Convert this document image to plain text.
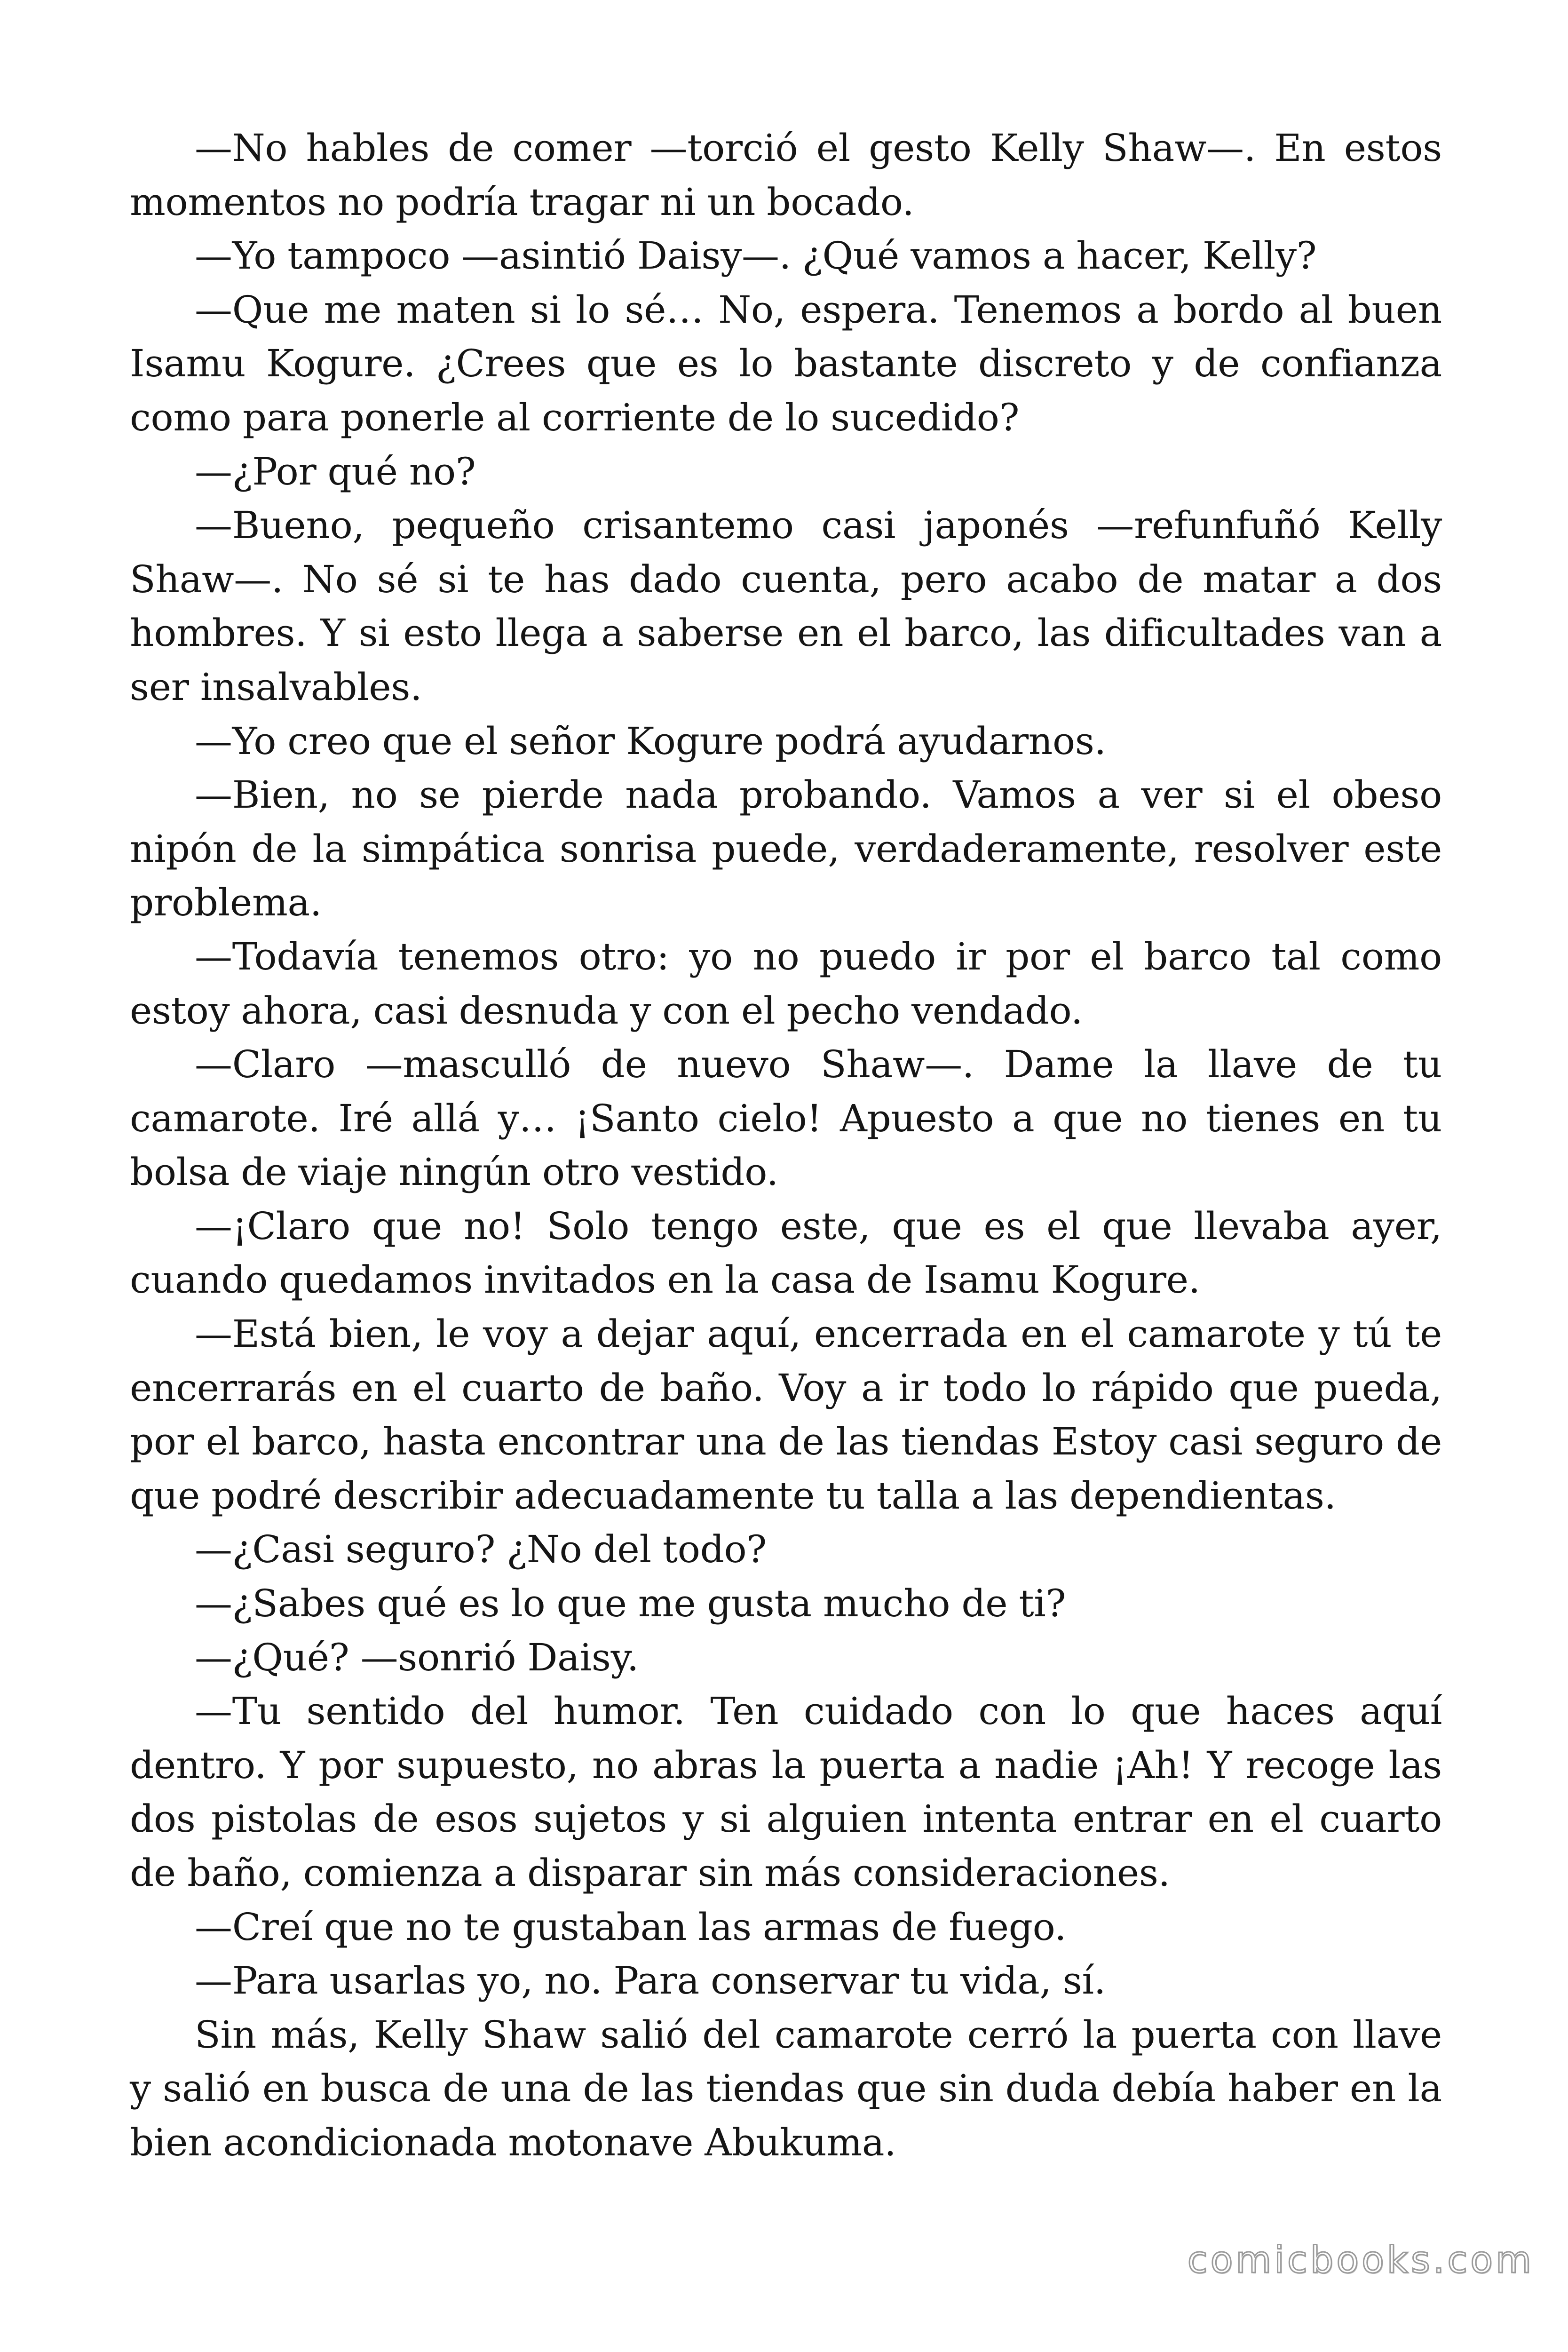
—No hables de comer —torció el gesto Kelly Shaw—. En estos momentos no podría tragar ni un bocado.

—Yo tampoco —asintió Daisy—. ¿Qué vamos a hacer, Kelly?

—Que me maten si lo sé… No, espera. Tenemos a bordo al buen Isamu Kogure. ¿Crees que es lo bastante discreto y de confianza como para ponerle al corriente de lo sucedido?

—¿Por qué no?

—Bueno, pequeño crisantemo casi japonés —refunfuñó Kelly Shaw—. No sé si te has dado cuenta, pero acabo de matar a dos hombres. Y si esto llega a saberse en el barco, las dificultades van a ser insalvables.

—Yo creo que el señor Kogure podrá ayudarnos.

—Bien, no se pierde nada probando. Vamos a ver si el obeso nipón de la simpática sonrisa puede, verdaderamente, resolver este problema.

—Todavía tenemos otro: yo no puedo ir por el barco tal como estoy ahora, casi desnuda y con el pecho vendado.

—Claro —masculló de nuevo Shaw—. Dame la llave de tu camarote. Iré allá y… ¡Santo cielo! Apuesto a que no tienes en tu bolsa de viaje ningún otro vestido.

—¡Claro que no! Solo tengo este, que es el que llevaba ayer, cuando quedamos invitados en la casa de Isamu Kogure.

—Está bien, le voy a dejar aquí, encerrada en el camarote y tú te encerrarás en el cuarto de baño. Voy a ir todo lo rápido que pueda, por el barco, hasta encontrar una de las tiendas Estoy casi seguro de que podré describir adecuadamente tu talla a las dependientas.

—¿Casi seguro? ¿No del todo?

—¿Sabes qué es lo que me gusta mucho de ti?

—¿Qué? —sonrió Daisy.

—Tu sentido del humor. Ten cuidado con lo que haces aquí dentro. Y por supuesto, no abras la puerta a nadie ¡Ah! Y recoge las dos pistolas de esos sujetos y si alguien intenta entrar en el cuarto de baño, comienza a disparar sin más consideraciones.

—Creí que no te gustaban las armas de fuego.

—Para usarlas yo, no. Para conservar tu vida, sí.

Sin más, Kelly Shaw salió del camarote cerró la puerta con llave y salió en busca de una de las tiendas que sin duda debía haber en la bien acondicionada motonave Abukuma.

comicbooks.com
